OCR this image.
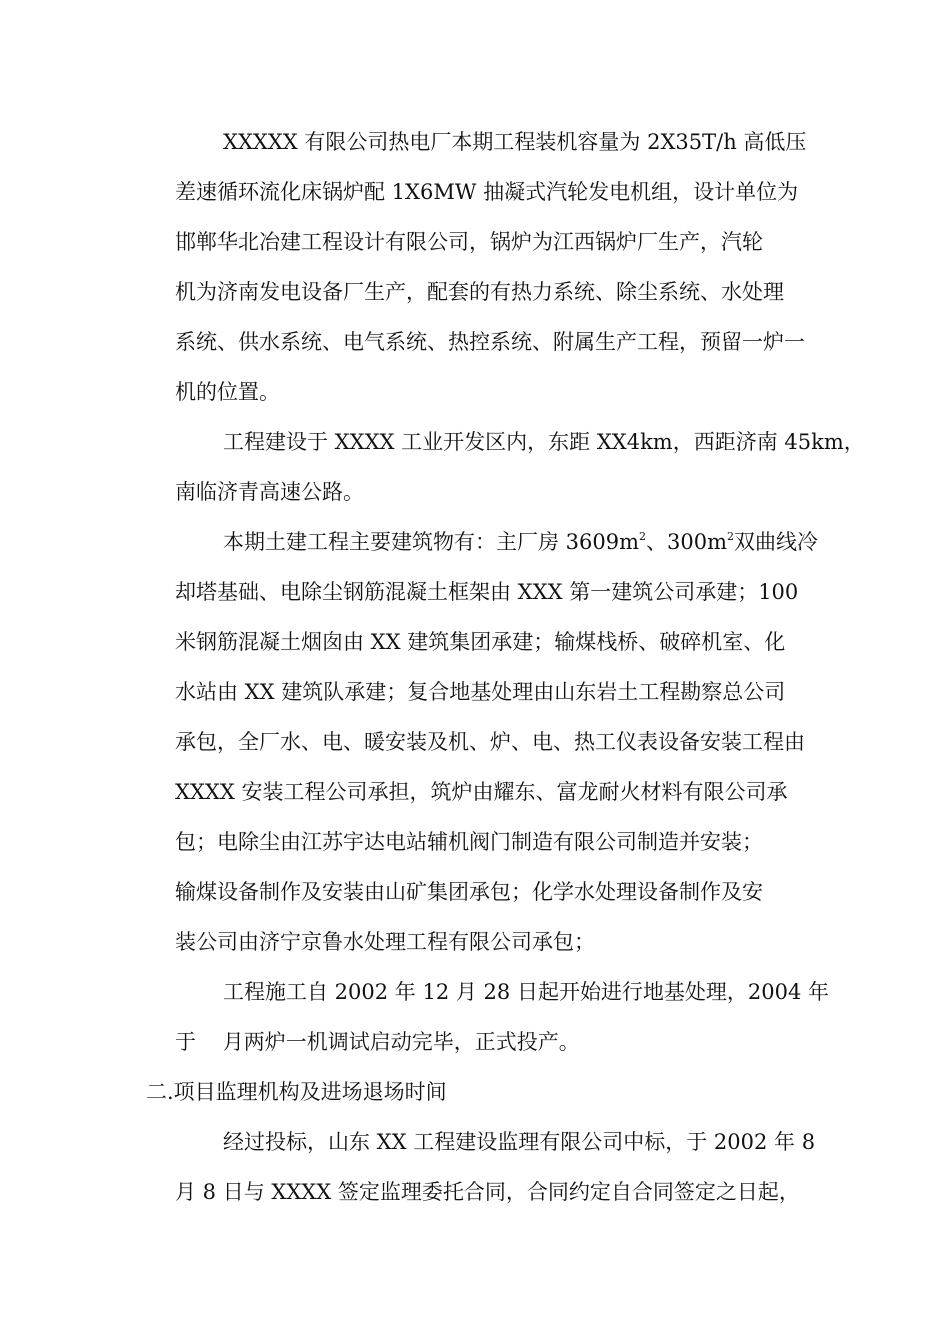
XXXXX 有限公司热电厂本期工程装机容量为 2X35T/h 高低压
差速循环流化床锅炉配 1X6MW 抽凝式汽轮发电机组，设计单位为
邯郸华北冶建工程设计有限公司，锅炉为江西锅炉厂生产，汽轮
机为济南发电设备厂生产，配套的有热力系统、除尘系统、水处理
系统、供水系统、电气系统、热控系统、附属生产工程，预留一炉一
机的位置。
工程建设于 XXXX 工业开发区内，东距 XX4km，西距济南 45km，
南临济青高速公路。
本期土建工程主要建筑物有：主厂房 $3609m^2$、$300m^2$双曲线冷
却塔基础、电除尘钢筋混凝土框架由 XXX 第一建筑公司承建；100
米钢筋混凝土烟囱由 XX 建筑集团承建；输煤栈桥、破碎机室、化
水站由 XX 建筑队承建；复合地基处理由山东岩土工程勘察总公司
承包，全厂水、电、暖安装及机、炉、电、热工仪表设备安装工程由
XXXX 安装工程公司承担，筑炉由耀东、富龙耐火材料有限公司承
包；电除尘由江苏宇达电站辅机阀门制造有限公司制造并安装；
输煤设备制作及安装由山矿集团承包；化学水处理设备制作及安
装公司由济宁京鲁水处理工程有限公司承包；
工程施工自 2002 年 12 月 28 日起开始进行地基处理，2004 年
于    月两炉一机调试启动完毕，正式投产。
二.项目监理机构及进场退场时间
经过投标，山东 XX 工程建设监理有限公司中标，于 2002 年 8
月 8 日与 XXXX 签定监理委托合同，合同约定自合同签定之日起，
